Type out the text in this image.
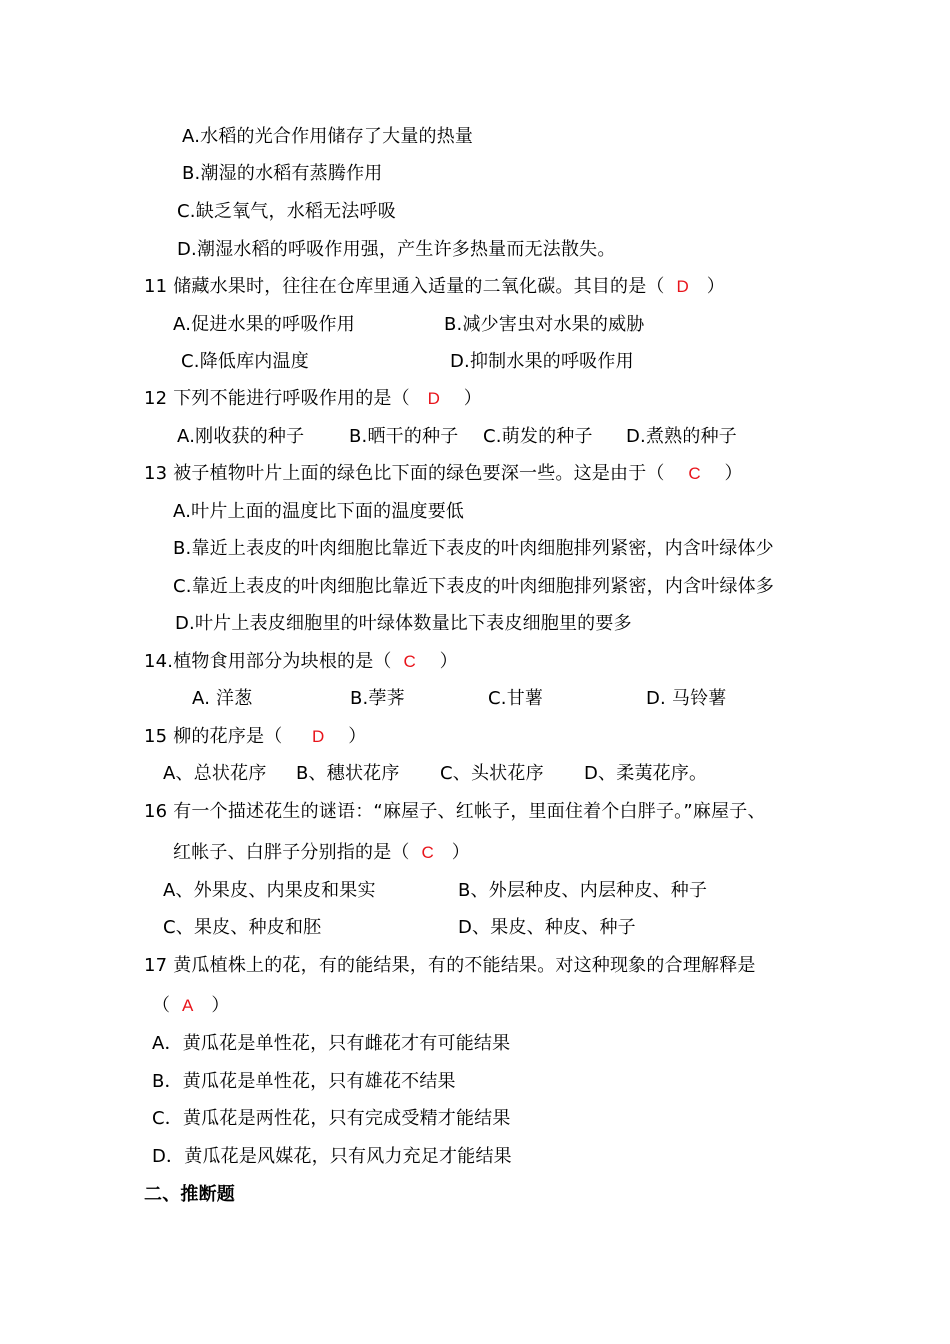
A.水稻的光合作用储存了大量的热量
B.潮湿的水稻有蒸腾作用
C.缺乏氧气，水稻无法呼吸
D.潮湿水稻的呼吸作用强，产生许多热量而无法散失。
11 储藏水果时，往往在仓库里通入适量的二氧化碳。其目的是（ D ）
A.促进水果的呼吸作用	B.减少害虫对水果的威胁
C.降低库内温度	D.抑制水果的呼吸作用
12 下列不能进行呼吸作用的是（ D ）
A.刚收获的种子 B.晒干的种子 C.萌发的种子 D.煮熟的种子
13 被子植物叶片上面的绿色比下面的绿色要深一些。这是由于（ C ）
A.叶片上面的温度比下面的温度要低
B.靠近上表皮的叶肉细胞比靠近下表皮的叶肉细胞排列紧密，内含叶绿体少
C.靠近上表皮的叶肉细胞比靠近下表皮的叶肉细胞排列紧密，内含叶绿体多
D.叶片上表皮细胞里的叶绿体数量比下表皮细胞里的要多
14.植物食用部分为块根的是（ C ）
A. 洋葱	B.荸荠	C.甘薯	D. 马铃薯
15 柳的花序是（ D ）
A、总状花序 B、穗状花序 C、头状花序 D、柔荑花序。
16 有一个描述花生的谜语：“麻屋子、红帐子，里面住着个白胖子。”麻屋子、
红帐子、白胖子分别指的是（ C ）
A、外果皮、内果皮和果实	B、外层种皮、内层种皮、种子
C、果皮、种皮和胚	D、果皮、种皮、种子
17 黄瓜植株上的花，有的能结果，有的不能结果。对这种现象的合理解释是
（ A ）
A．黄瓜花是单性花，只有雌花才有可能结果
B．黄瓜花是单性花，只有雄花不结果
C．黄瓜花是两性花，只有完成受精才能结果
D．黄瓜花是风媒花，只有风力充足才能结果
二、推断题
